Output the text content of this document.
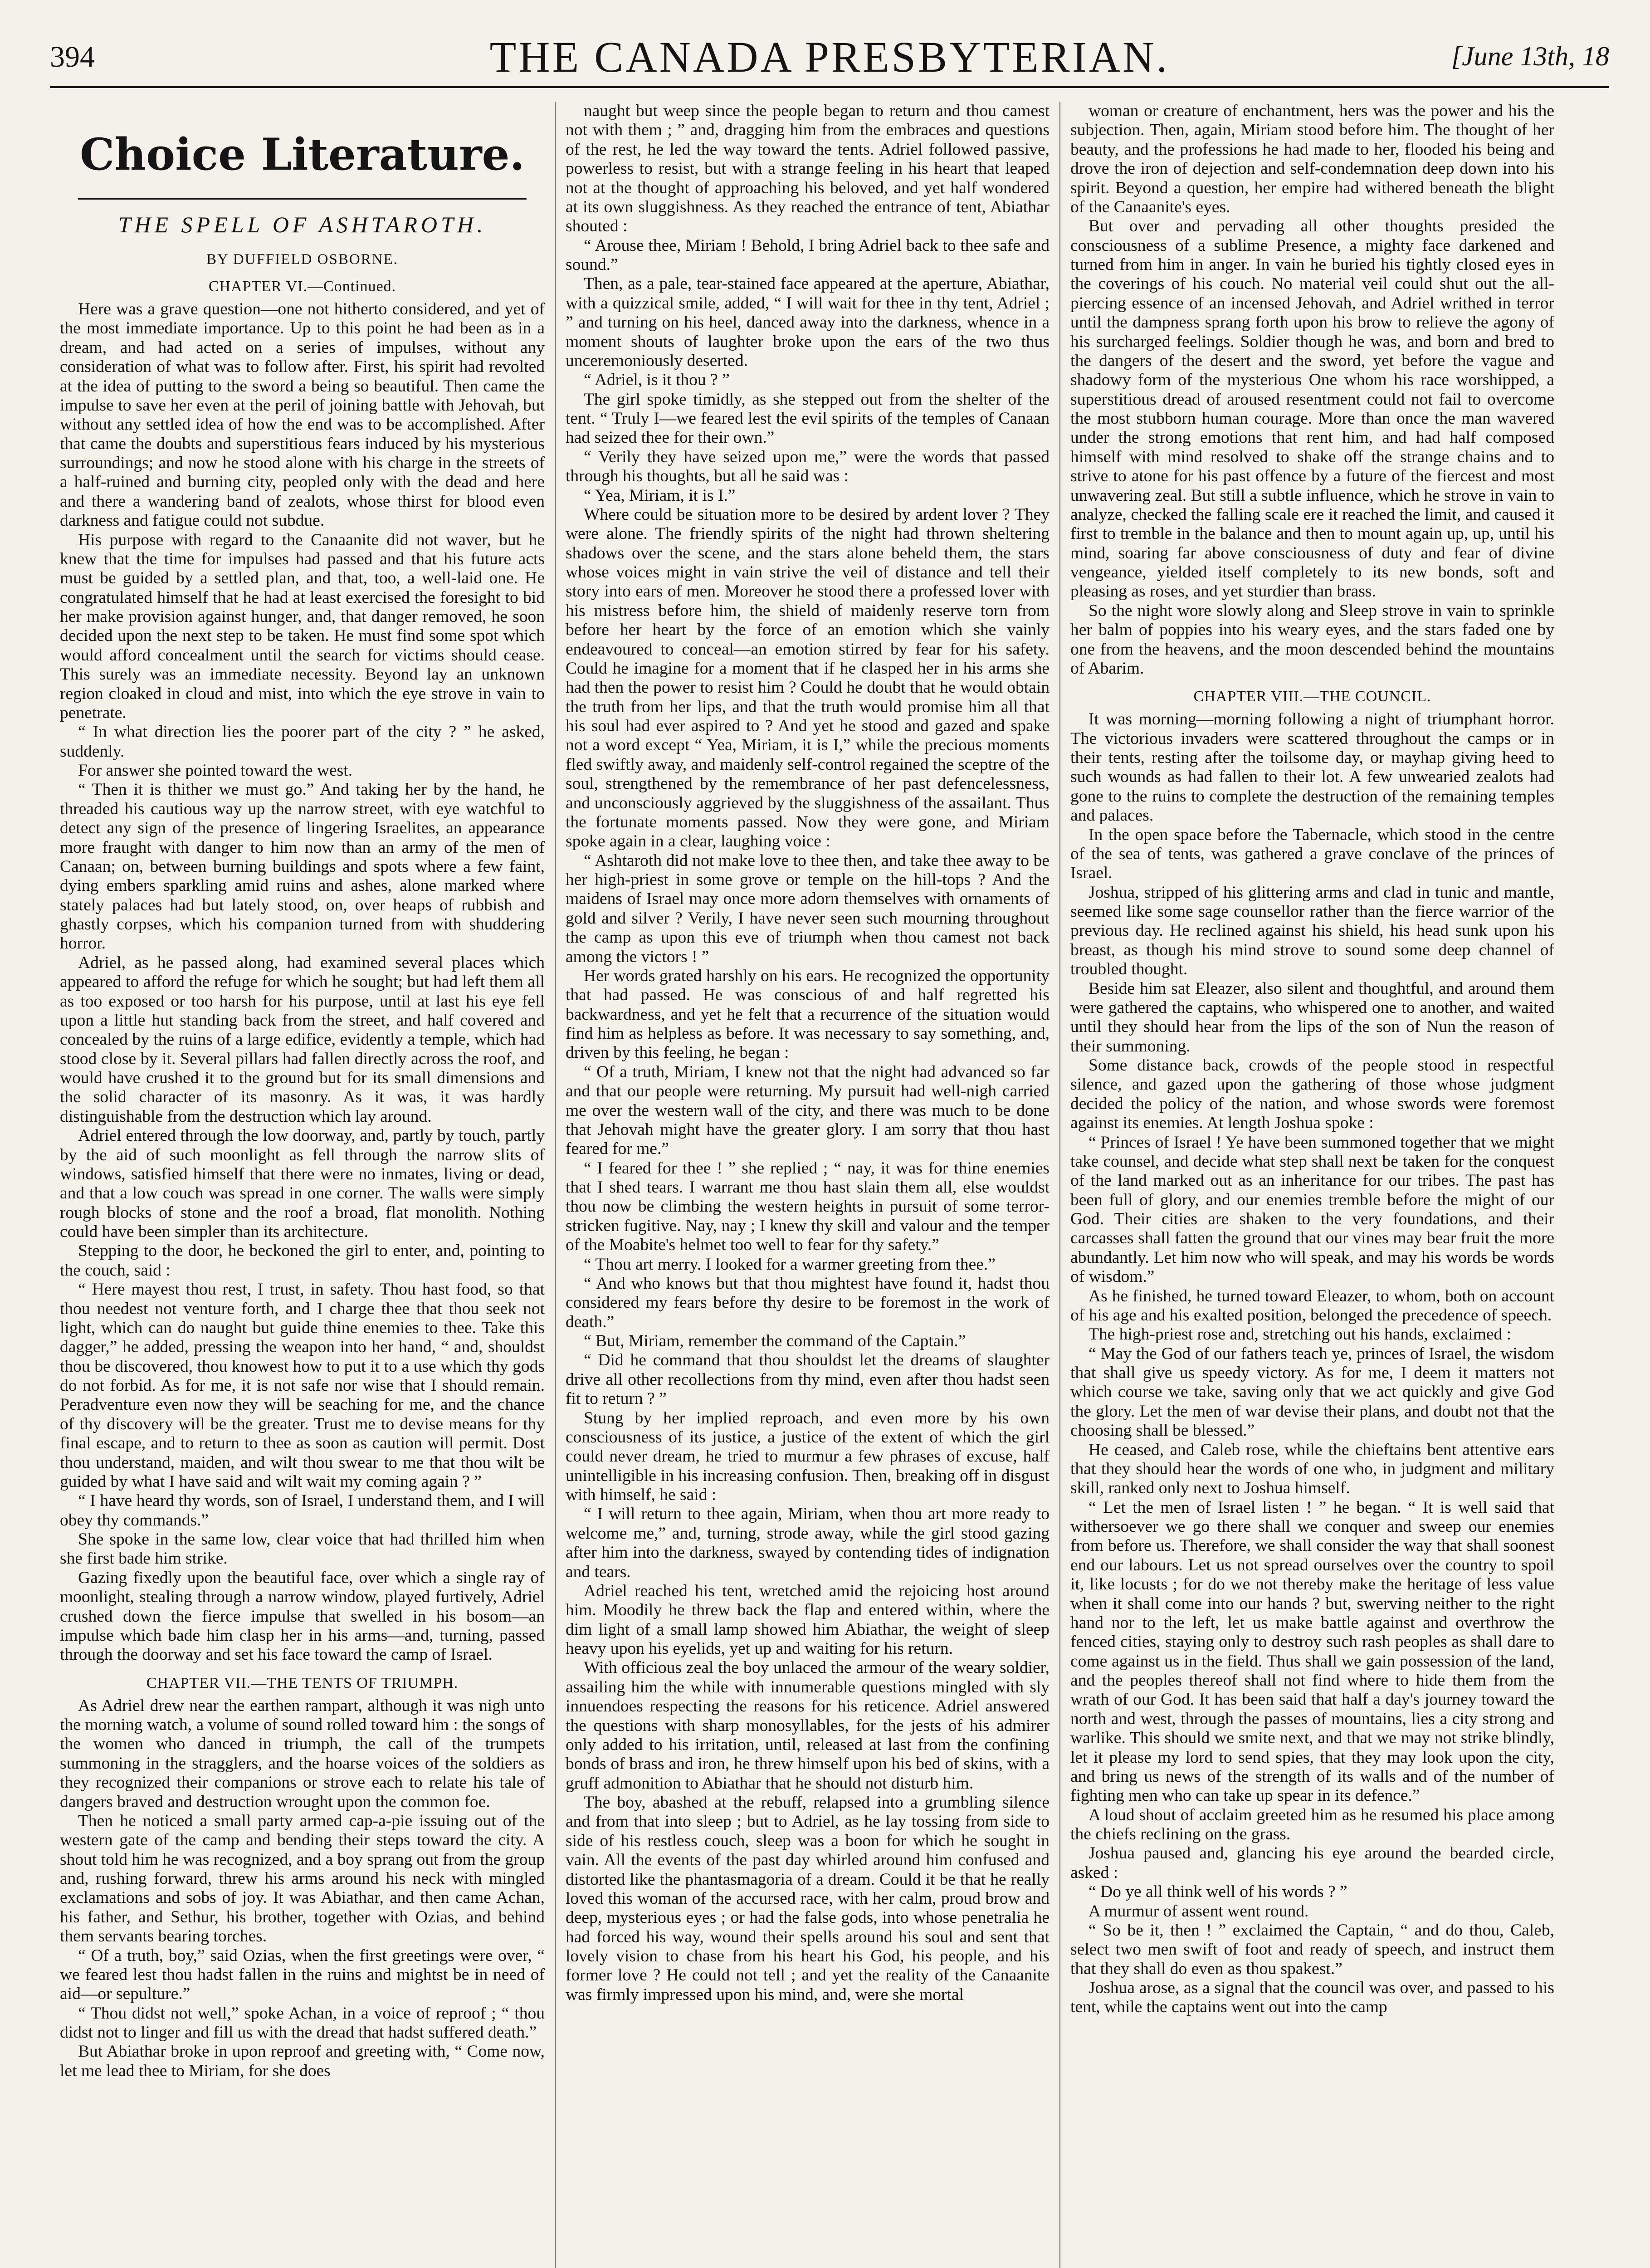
394	THE CANADA PRESBYTERIAN.	[June 13th, 18
Choice Literature.
THE SPELL OF ASHTAROTH.
BY DUFFIELD OSBORNE.
CHAPTER VI.—Continued.

Here was a grave question—one not hitherto considered, and yet of the most immediate importance. Up to this point he had been as in a dream, and had acted on a series of impulses, without any consideration of what was to follow after. First, his spirit had revolted at the idea of putting to the sword a being so beautiful. Then came the impulse to save her even at the peril of joining battle with Jehovah, but without any settled idea of how the end was to be accomplished. After that came the doubts and superstitious fears induced by his mysterious surroundings; and now he stood alone with his charge in the streets of a half-ruined and burning city, peopled only with the dead and here and there a wandering band of zealots, whose thirst for blood even darkness and fatigue could not subdue.

His purpose with regard to the Canaanite did not waver, but he knew that the time for impulses had passed and that his future acts must be guided by a settled plan, and that, too, a well-laid one. He congratulated himself that he had at least exercised the foresight to bid her make provision against hunger, and, that danger removed, he soon decided upon the next step to be taken. He must find some spot which would afford concealment until the search for victims should cease. This surely was an immediate necessity. Beyond lay an unknown region cloaked in cloud and mist, into which the eye strove in vain to penetrate.

“ In what direction lies the poorer part of the city ? ” he asked, suddenly.

For answer she pointed toward the west.

“ Then it is thither we must go.” And taking her by the hand, he threaded his cautious way up the narrow street, with eye watchful to detect any sign of the presence of lingering Israelites, an appearance more fraught with danger to him now than an army of the men of Canaan; on, between burning buildings and spots where a few faint, dying embers sparkling amid ruins and ashes, alone marked where stately palaces had but lately stood, on, over heaps of rubbish and ghastly corpses, which his companion turned from with shuddering horror.

Adriel, as he passed along, had examined several places which appeared to afford the refuge for which he sought; but had left them all as too exposed or too harsh for his purpose, until at last his eye fell upon a little hut standing back from the street, and half covered and concealed by the ruins of a large edifice, evidently a temple, which had stood close by it. Several pillars had fallen directly across the roof, and would have crushed it to the ground but for its small dimensions and the solid character of its masonry. As it was, it was hardly distinguishable from the destruction which lay around.

Adriel entered through the low doorway, and, partly by touch, partly by the aid of such moonlight as fell through the narrow slits of windows, satisfied himself that there were no inmates, living or dead, and that a low couch was spread in one corner. The walls were simply rough blocks of stone and the roof a broad, flat monolith. Nothing could have been simpler than its architecture.

Stepping to the door, he beckoned the girl to enter, and, pointing to the couch, said :

“ Here mayest thou rest, I trust, in safety. Thou hast food, so that thou needest not venture forth, and I charge thee that thou seek not light, which can do naught but guide thine enemies to thee. Take this dagger,” he added, pressing the weapon into her hand, “ and, shouldst thou be discovered, thou knowest how to put it to a use which thy gods do not forbid. As for me, it is not safe nor wise that I should remain. Peradventure even now they will be seaching for me, and the chance of thy discovery will be the greater. Trust me to devise means for thy final escape, and to return to thee as soon as caution will permit. Dost thou understand, maiden, and wilt thou swear to me that thou wilt be guided by what I have said and wilt wait my coming again ? ”

“ I have heard thy words, son of Israel, I understand them, and I will obey thy commands.”

She spoke in the same low, clear voice that had thrilled him when she first bade him strike.

Gazing fixedly upon the beautiful face, over which a single ray of moonlight, stealing through a narrow window, played furtively, Adriel crushed down the fierce impulse that swelled in his bosom—an impulse which bade him clasp her in his arms—and, turning, passed through the doorway and set his face toward the camp of Israel.

CHAPTER VII.—THE TENTS OF TRIUMPH.

As Adriel drew near the earthen rampart, although it was nigh unto the morning watch, a volume of sound rolled toward him : the songs of the women who danced in triumph, the call of the trumpets summoning in the stragglers, and the hoarse voices of the soldiers as they recognized their companions or strove each to relate his tale of dangers braved and destruction wrought upon the common foe.

Then he noticed a small party armed cap-a-pie issuing out of the western gate of the camp and bending their steps toward the city. A shout told him he was recognized, and a boy sprang out from the group and, rushing forward, threw his arms around his neck with mingled exclamations and sobs of joy. It was Abiathar, and then came Achan, his father, and Sethur, his brother, together with Ozias, and behind them servants bearing torches.

“ Of a truth, boy,” said Ozias, when the first greetings were over, “ we feared lest thou hadst fallen in the ruins and mightst be in need of aid—or sepulture.”

“ Thou didst not well,” spoke Achan, in a voice of reproof ; “ thou didst not to linger and fill us with the dread that hadst suffered death.”

But Abiathar broke in upon reproof and greeting with, “ Come now, let me lead thee to Miriam, for she does

naught but weep since the people began to return and thou camest not with them ; ” and, dragging him from the embraces and questions of the rest, he led the way toward the tents. Adriel followed passive, powerless to resist, but with a strange feeling in his heart that leaped not at the thought of approaching his beloved, and yet half wondered at its own sluggishness. As they reached the entrance of tent, Abiathar shouted :

“ Arouse thee, Miriam ! Behold, I bring Adriel back to thee safe and sound.”

Then, as a pale, tear-stained face appeared at the aperture, Abiathar, with a quizzical smile, added, “ I will wait for thee in thy tent, Adriel ; ” and turning on his heel, danced away into the darkness, whence in a moment shouts of laughter broke upon the ears of the two thus unceremoniously deserted.

“ Adriel, is it thou ? ”

The girl spoke timidly, as she stepped out from the shelter of the tent. “ Truly I—we feared lest the evil spirits of the temples of Canaan had seized thee for their own.”

“ Verily they have seized upon me,” were the words that passed through his thoughts, but all he said was :

“ Yea, Miriam, it is I.”

Where could be situation more to be desired by ardent lover ? They were alone. The friendly spirits of the night had thrown sheltering shadows over the scene, and the stars alone beheld them, the stars whose voices might in vain strive the veil of distance and tell their story into ears of men. Moreover he stood there a professed lover with his mistress before him, the shield of maidenly reserve torn from before her heart by the force of an emotion which she vainly endeavoured to conceal—an emotion stirred by fear for his safety. Could he imagine for a moment that if he clasped her in his arms she had then the power to resist him ? Could he doubt that he would obtain the truth from her lips, and that the truth would promise him all that his soul had ever aspired to ? And yet he stood and gazed and spake not a word except “ Yea, Miriam, it is I,” while the precious moments fled swiftly away, and maidenly self-control regained the sceptre of the soul, strengthened by the remembrance of her past defencelessness, and unconsciously aggrieved by the sluggishness of the assailant. Thus the fortunate moments passed. Now they were gone, and Miriam spoke again in a clear, laughing voice :

“ Ashtaroth did not make love to thee then, and take thee away to be her high-priest in some grove or temple on the hill-tops ? And the maidens of Israel may once more adorn themselves with ornaments of gold and silver ? Verily, I have never seen such mourning throughout the camp as upon this eve of triumph when thou camest not back among the victors ! ”

Her words grated harshly on his ears. He recognized the opportunity that had passed. He was conscious of and half regretted his backwardness, and yet he felt that a recurrence of the situation would find him as helpless as before. It was necessary to say something, and, driven by this feeling, he began :

“ Of a truth, Miriam, I knew not that the night had advanced so far and that our people were returning. My pursuit had well-nigh carried me over the western wall of the city, and there was much to be done that Jehovah might have the greater glory. I am sorry that thou hast feared for me.”

“ I feared for thee ! ” she replied ; “ nay, it was for thine enemies that I shed tears. I warrant me thou hast slain them all, else wouldst thou now be climbing the western heights in pursuit of some terror-stricken fugitive. Nay, nay ; I knew thy skill and valour and the temper of the Moabite's helmet too well to fear for thy safety.”

“ Thou art merry. I looked for a warmer greeting from thee.”

“ And who knows but that thou mightest have found it, hadst thou considered my fears before thy desire to be foremost in the work of death.”

“ But, Miriam, remember the command of the Captain.”

“ Did he command that thou shouldst let the dreams of slaughter drive all other recollections from thy mind, even after thou hadst seen fit to return ? ”

Stung by her implied reproach, and even more by his own consciousness of its justice, a justice of the extent of which the girl could never dream, he tried to murmur a few phrases of excuse, half unintelligible in his increasing confusion. Then, breaking off in disgust with himself, he said :

“ I will return to thee again, Miriam, when thou art more ready to welcome me,” and, turning, strode away, while the girl stood gazing after him into the darkness, swayed by contending tides of indignation and tears.

Adriel reached his tent, wretched amid the rejoicing host around him. Moodily he threw back the flap and entered within, where the dim light of a small lamp showed him Abiathar, the weight of sleep heavy upon his eyelids, yet up and waiting for his return.

With officious zeal the boy unlaced the armour of the weary soldier, assailing him the while with innumerable questions mingled with sly innuendoes respecting the reasons for his reticence. Adriel answered the questions with sharp monosyllables, for the jests of his admirer only added to his irritation, until, released at last from the confining bonds of brass and iron, he threw himself upon his bed of skins, with a gruff admonition to Abiathar that he should not disturb him.

The boy, abashed at the rebuff, relapsed into a grumbling silence and from that into sleep ; but to Adriel, as he lay tossing from side to side of his restless couch, sleep was a boon for which he sought in vain. All the events of the past day whirled around him confused and distorted like the phantasmagoria of a dream. Could it be that he really loved this woman of the accursed race, with her calm, proud brow and deep, mysterious eyes ; or had the false gods, into whose penetralia he had forced his way, wound their spells around his soul and sent that lovely vision to chase from his heart his God, his people, and his former love ? He could not tell ; and yet the reality of the Canaanite was firmly impressed upon his mind, and, were she mortal

woman or creature of enchantment, hers was the power and his the subjection. Then, again, Miriam stood before him. The thought of her beauty, and the professions he had made to her, flooded his being and drove the iron of dejection and self-condemnation deep down into his spirit. Beyond a question, her empire had withered beneath the blight of the Canaanite's eyes.

But over and pervading all other thoughts presided the consciousness of a sublime Presence, a mighty face darkened and turned from him in anger. In vain he buried his tightly closed eyes in the coverings of his couch. No material veil could shut out the all-piercing essence of an incensed Jehovah, and Adriel writhed in terror until the dampness sprang forth upon his brow to relieve the agony of his surcharged feelings. Soldier though he was, and born and bred to the dangers of the desert and the sword, yet before the vague and shadowy form of the mysterious One whom his race worshipped, a superstitious dread of aroused resentment could not fail to overcome the most stubborn human courage. More than once the man wavered under the strong emotions that rent him, and had half composed himself with mind resolved to shake off the strange chains and to strive to atone for his past offence by a future of the fiercest and most unwavering zeal. But still a subtle influence, which he strove in vain to analyze, checked the falling scale ere it reached the limit, and caused it first to tremble in the balance and then to mount again up, up, until his mind, soaring far above consciousness of duty and fear of divine vengeance, yielded itself completely to its new bonds, soft and pleasing as roses, and yet sturdier than brass.

So the night wore slowly along and Sleep strove in vain to sprinkle her balm of poppies into his weary eyes, and the stars faded one by one from the heavens, and the moon descended behind the mountains of Abarim.

CHAPTER VIII.—THE COUNCIL.

It was morning—morning following a night of triumphant horror. The victorious invaders were scattered throughout the camps or in their tents, resting after the toilsome day, or mayhap giving heed to such wounds as had fallen to their lot. A few unwearied zealots had gone to the ruins to complete the destruction of the remaining temples and palaces.

In the open space before the Tabernacle, which stood in the centre of the sea of tents, was gathered a grave conclave of the princes of Israel.

Joshua, stripped of his glittering arms and clad in tunic and mantle, seemed like some sage counsellor rather than the fierce warrior of the previous day. He reclined against his shield, his head sunk upon his breast, as though his mind strove to sound some deep channel of troubled thought.

Beside him sat Eleazer, also silent and thoughtful, and around them were gathered the captains, who whispered one to another, and waited until they should hear from the lips of the son of Nun the reason of their summoning.

Some distance back, crowds of the people stood in respectful silence, and gazed upon the gathering of those whose judgment decided the policy of the nation, and whose swords were foremost against its enemies. At length Joshua spoke :

“ Princes of Israel ! Ye have been summoned together that we might take counsel, and decide what step shall next be taken for the conquest of the land marked out as an inheritance for our tribes. The past has been full of glory, and our enemies tremble before the might of our God. Their cities are shaken to the very foundations, and their carcasses shall fatten the ground that our vines may bear fruit the more abundantly. Let him now who will speak, and may his words be words of wisdom.”

As he finished, he turned toward Eleazer, to whom, both on account of his age and his exalted position, belonged the precedence of speech.

The high-priest rose and, stretching out his hands, exclaimed :

“ May the God of our fathers teach ye, princes of Israel, the wisdom that shall give us speedy victory. As for me, I deem it matters not which course we take, saving only that we act quickly and give God the glory. Let the men of war devise their plans, and doubt not that the choosing shall be blessed.”

He ceased, and Caleb rose, while the chieftains bent attentive ears that they should hear the words of one who, in judgment and military skill, ranked only next to Joshua himself.

“ Let the men of Israel listen ! ” he began. “ It is well said that withersoever we go there shall we conquer and sweep our enemies from before us. Therefore, we shall consider the way that shall soonest end our labours. Let us not spread ourselves over the country to spoil it, like locusts ; for do we not thereby make the heritage of less value when it shall come into our hands ? but, swerving neither to the right hand nor to the left, let us make battle against and overthrow the fenced cities, staying only to destroy such rash peoples as shall dare to come against us in the field. Thus shall we gain possession of the land, and the peoples thereof shall not find where to hide them from the wrath of our God. It has been said that half a day's journey toward the north and west, through the passes of mountains, lies a city strong and warlike. This should we smite next, and that we may not strike blindly, let it please my lord to send spies, that they may look upon the city, and bring us news of the strength of its walls and of the number of fighting men who can take up spear in its defence.”

A loud shout of acclaim greeted him as he resumed his place among the chiefs reclining on the grass.

Joshua paused and, glancing his eye around the bearded circle, asked :

“ Do ye all think well of his words ? ”

A murmur of assent went round.

“ So be it, then ! ” exclaimed the Captain, “ and do thou, Caleb, select two men swift of foot and ready of speech, and instruct them that they shall do even as thou spakest.”

Joshua arose, as a signal that the council was over, and passed to his tent, while the captains went out into the camp
